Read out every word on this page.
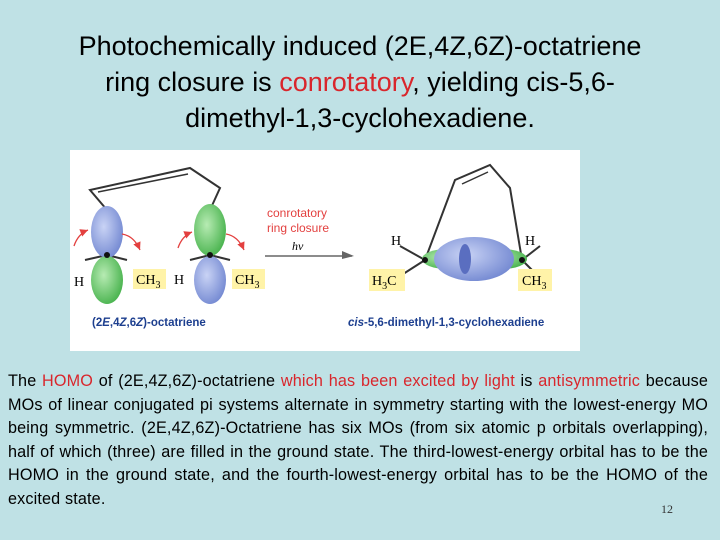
Photochemically induced (2E,4Z,6Z)-octatriene
ring closure is conrotatory, yielding cis-5,6-
dimethyl-1,3-cyclohexadiene.
H	$CH_3$ H	$CH_3$
conrotatory
ring closure
hν	H	H
$H_3C$	$CH_3$
(2E,4Z,6Z)-octatriene	cis-5,6-dimethyl-1,3-cyclohexadiene
The HOMO of (2E,4Z,6Z)-octatriene which has been excited by light is antisymmetric because MOs of linear conjugated pi systems alternate in symmetry starting with the lowest-energy MO being symmetric. (2E,4Z,6Z)-Octatriene has six MOs (from six atomic p orbitals overlapping), half of which (three) are filled in the ground state. The third-lowest-energy orbital has to be the HOMO in the ground state, and the fourth-lowest-energy orbital has to be the HOMO of the excited state.
12
